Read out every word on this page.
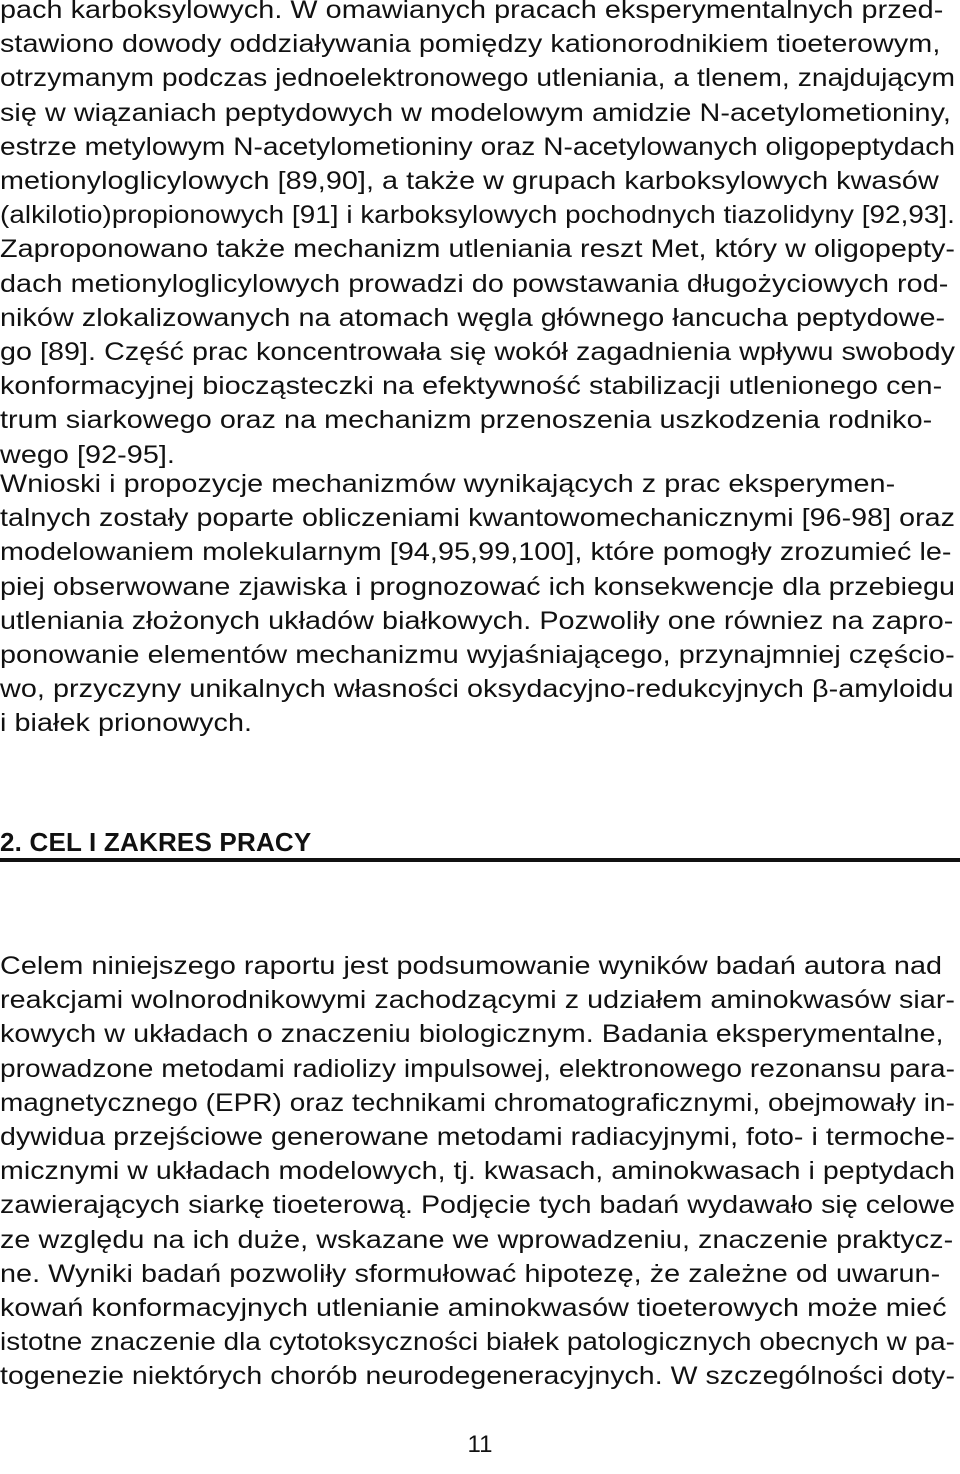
pach karboksylowych. W omawianych pracach eksperymentalnych przed-
stawiono dowody oddziaływania pomiędzy kationorodnikiem tioeterowym,
otrzymanym podczas jednoelektronowego utleniania, a tlenem, znajdującym
się w wiązaniach peptydowych w modelowym amidzie N-acetylometioniny,
estrze metylowym N-acetylometioniny oraz N-acetylowanych oligopeptydach
metionyloglicylowych [89,90], a także w grupach karboksylowych kwasów
(alkilotio)propionowych [91] i karboksylowych pochodnych tiazolidyny [92,93].
Zaproponowano także mechanizm utleniania reszt Met, który w oligopepty-
dach metionyloglicylowych prowadzi do powstawania długożyciowych rod-
ników zlokalizowanych na atomach węgla głównego łancucha peptydowe-
go [89]. Część prac koncentrowała się wokół zagadnienia wpływu swobody
konformacyjnej biocząsteczki na efektywność stabilizacji utlenionego cen-
trum siarkowego oraz na mechanizm przenoszenia uszkodzenia rodniko-
wego [92-95].
Wnioski i propozycje mechanizmów wynikających z prac eksperymen-
talnych zostały poparte obliczeniami kwantowomechanicznymi [96-98] oraz
modelowaniem molekularnym [94,95,99,100], które pomogły zrozumieć le-
piej obserwowane zjawiska i prognozować ich konsekwencje dla przebiegu
utleniania złożonych układów białkowych. Pozwoliły one równiez na zapro-
ponowanie elementów mechanizmu wyjaśniającego, przynajmniej częścio-
wo, przyczyny unikalnych własności oksydacyjno-redukcyjnych β-amyloidu
i białek prionowych.
2. CEL I ZAKRES PRACY
Celem niniejszego raportu jest podsumowanie wyników badań autora nad
reakcjami wolnorodnikowymi zachodzącymi z udziałem aminokwasów siar-
kowych w układach o znaczeniu biologicznym. Badania eksperymentalne,
prowadzone metodami radiolizy impulsowej, elektronowego rezonansu para-
magnetycznego (EPR) oraz technikami chromatograficznymi, obejmowały in-
dywidua przejściowe generowane metodami radiacyjnymi, foto- i termoche-
micznymi w układach modelowych, tj. kwasach, aminokwasach i peptydach
zawierających siarkę tioeterową. Podjęcie tych badań wydawało się celowe
ze względu na ich duże, wskazane we wprowadzeniu, znaczenie praktycz-
ne. Wyniki badań pozwoliły sformułować hipotezę, że zależne od uwarun-
kowań konformacyjnych utlenianie aminokwasów tioeterowych może mieć
istotne znaczenie dla cytotoksyczności białek patologicznych obecnych w pa-
togenezie niektórych chorób neurodegeneracyjnych. W szczególności doty-
11
